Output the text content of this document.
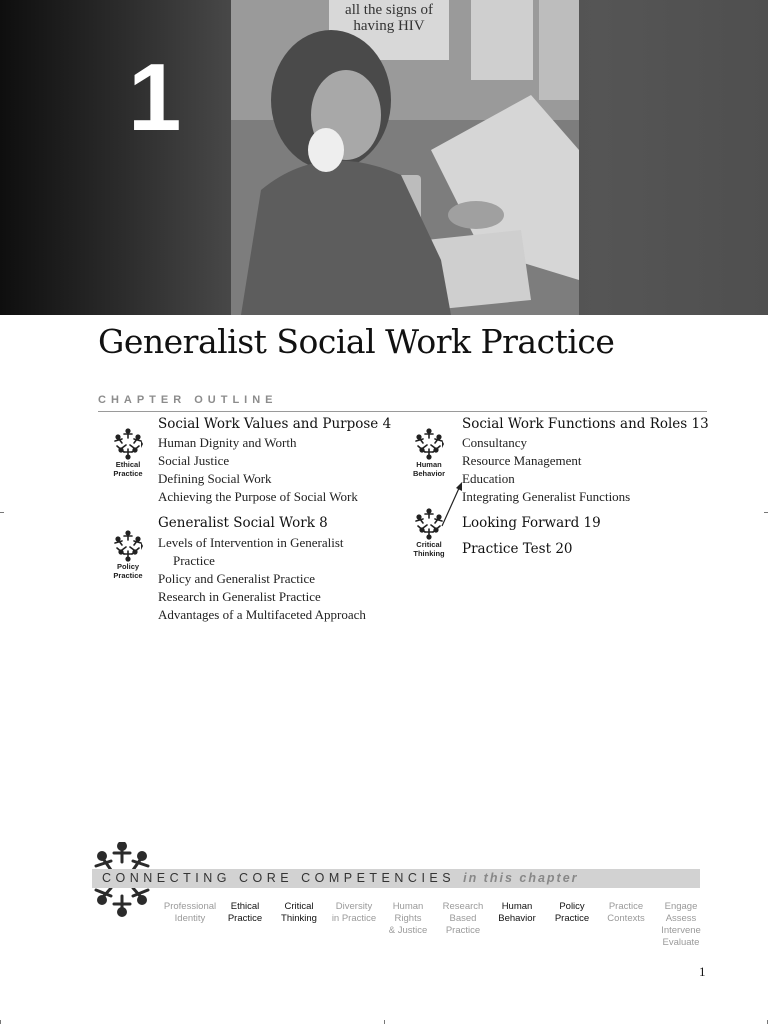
1
all the signs of
having HIV
Generalist Social Work Practice
CHAPTER OUTLINE
Ethical
Practice
Policy
Practice
Social Work Values and Purpose 4
Human Dignity and Worth
Social Justice
Defining Social Work
Achieving the Purpose of Social Work
Generalist Social Work 8
Levels of Intervention in Generalist
Practice
Policy and Generalist Practice
Research in Generalist Practice
Advantages of a Multifaceted Approach
Human
Behavior
Critical
Thinking
Social Work Functions and Roles 13
Consultancy
Resource Management
Education
Integrating Generalist Functions
Looking Forward 19
Practice Test 20
CONNECTING CORE COMPETENCIES in this chapter
Professional
Identity
Ethical
Practice
Critical
Thinking
Diversity
in Practice
Human
Rights
& Justice
Research
Based
Practice
Human
Behavior
Policy
Practice
Practice
Contexts
Engage
Assess
Intervene
Evaluate
1
